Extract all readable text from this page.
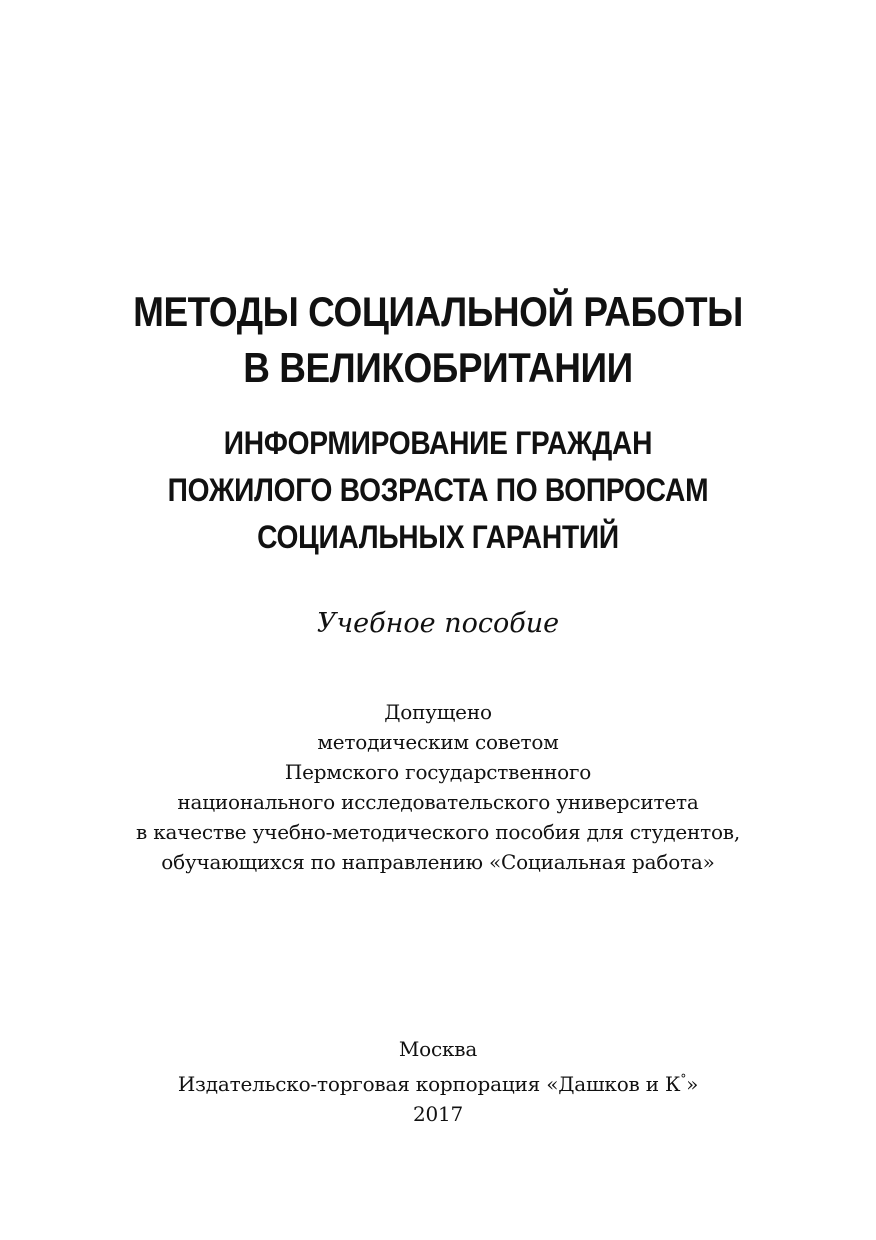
МЕТОДЫ СОЦИАЛЬНОЙ РАБОТЫ
В ВЕЛИКОБРИТАНИИ
ИНФОРМИРОВАНИЕ ГРАЖДАН
ПОЖИЛОГО ВОЗРАСТА ПО ВОПРОСАМ
СОЦИАЛЬНЫХ ГАРАНТИЙ
Учебное пособие
Допущено
методическим советом
Пермского государственного
национального исследовательского университета
в качестве учебно-методического пособия для студентов,
обучающихся по направлению «Социальная работа»
Москва
Издательско-торговая корпорация «Дашков и К°»
2017
